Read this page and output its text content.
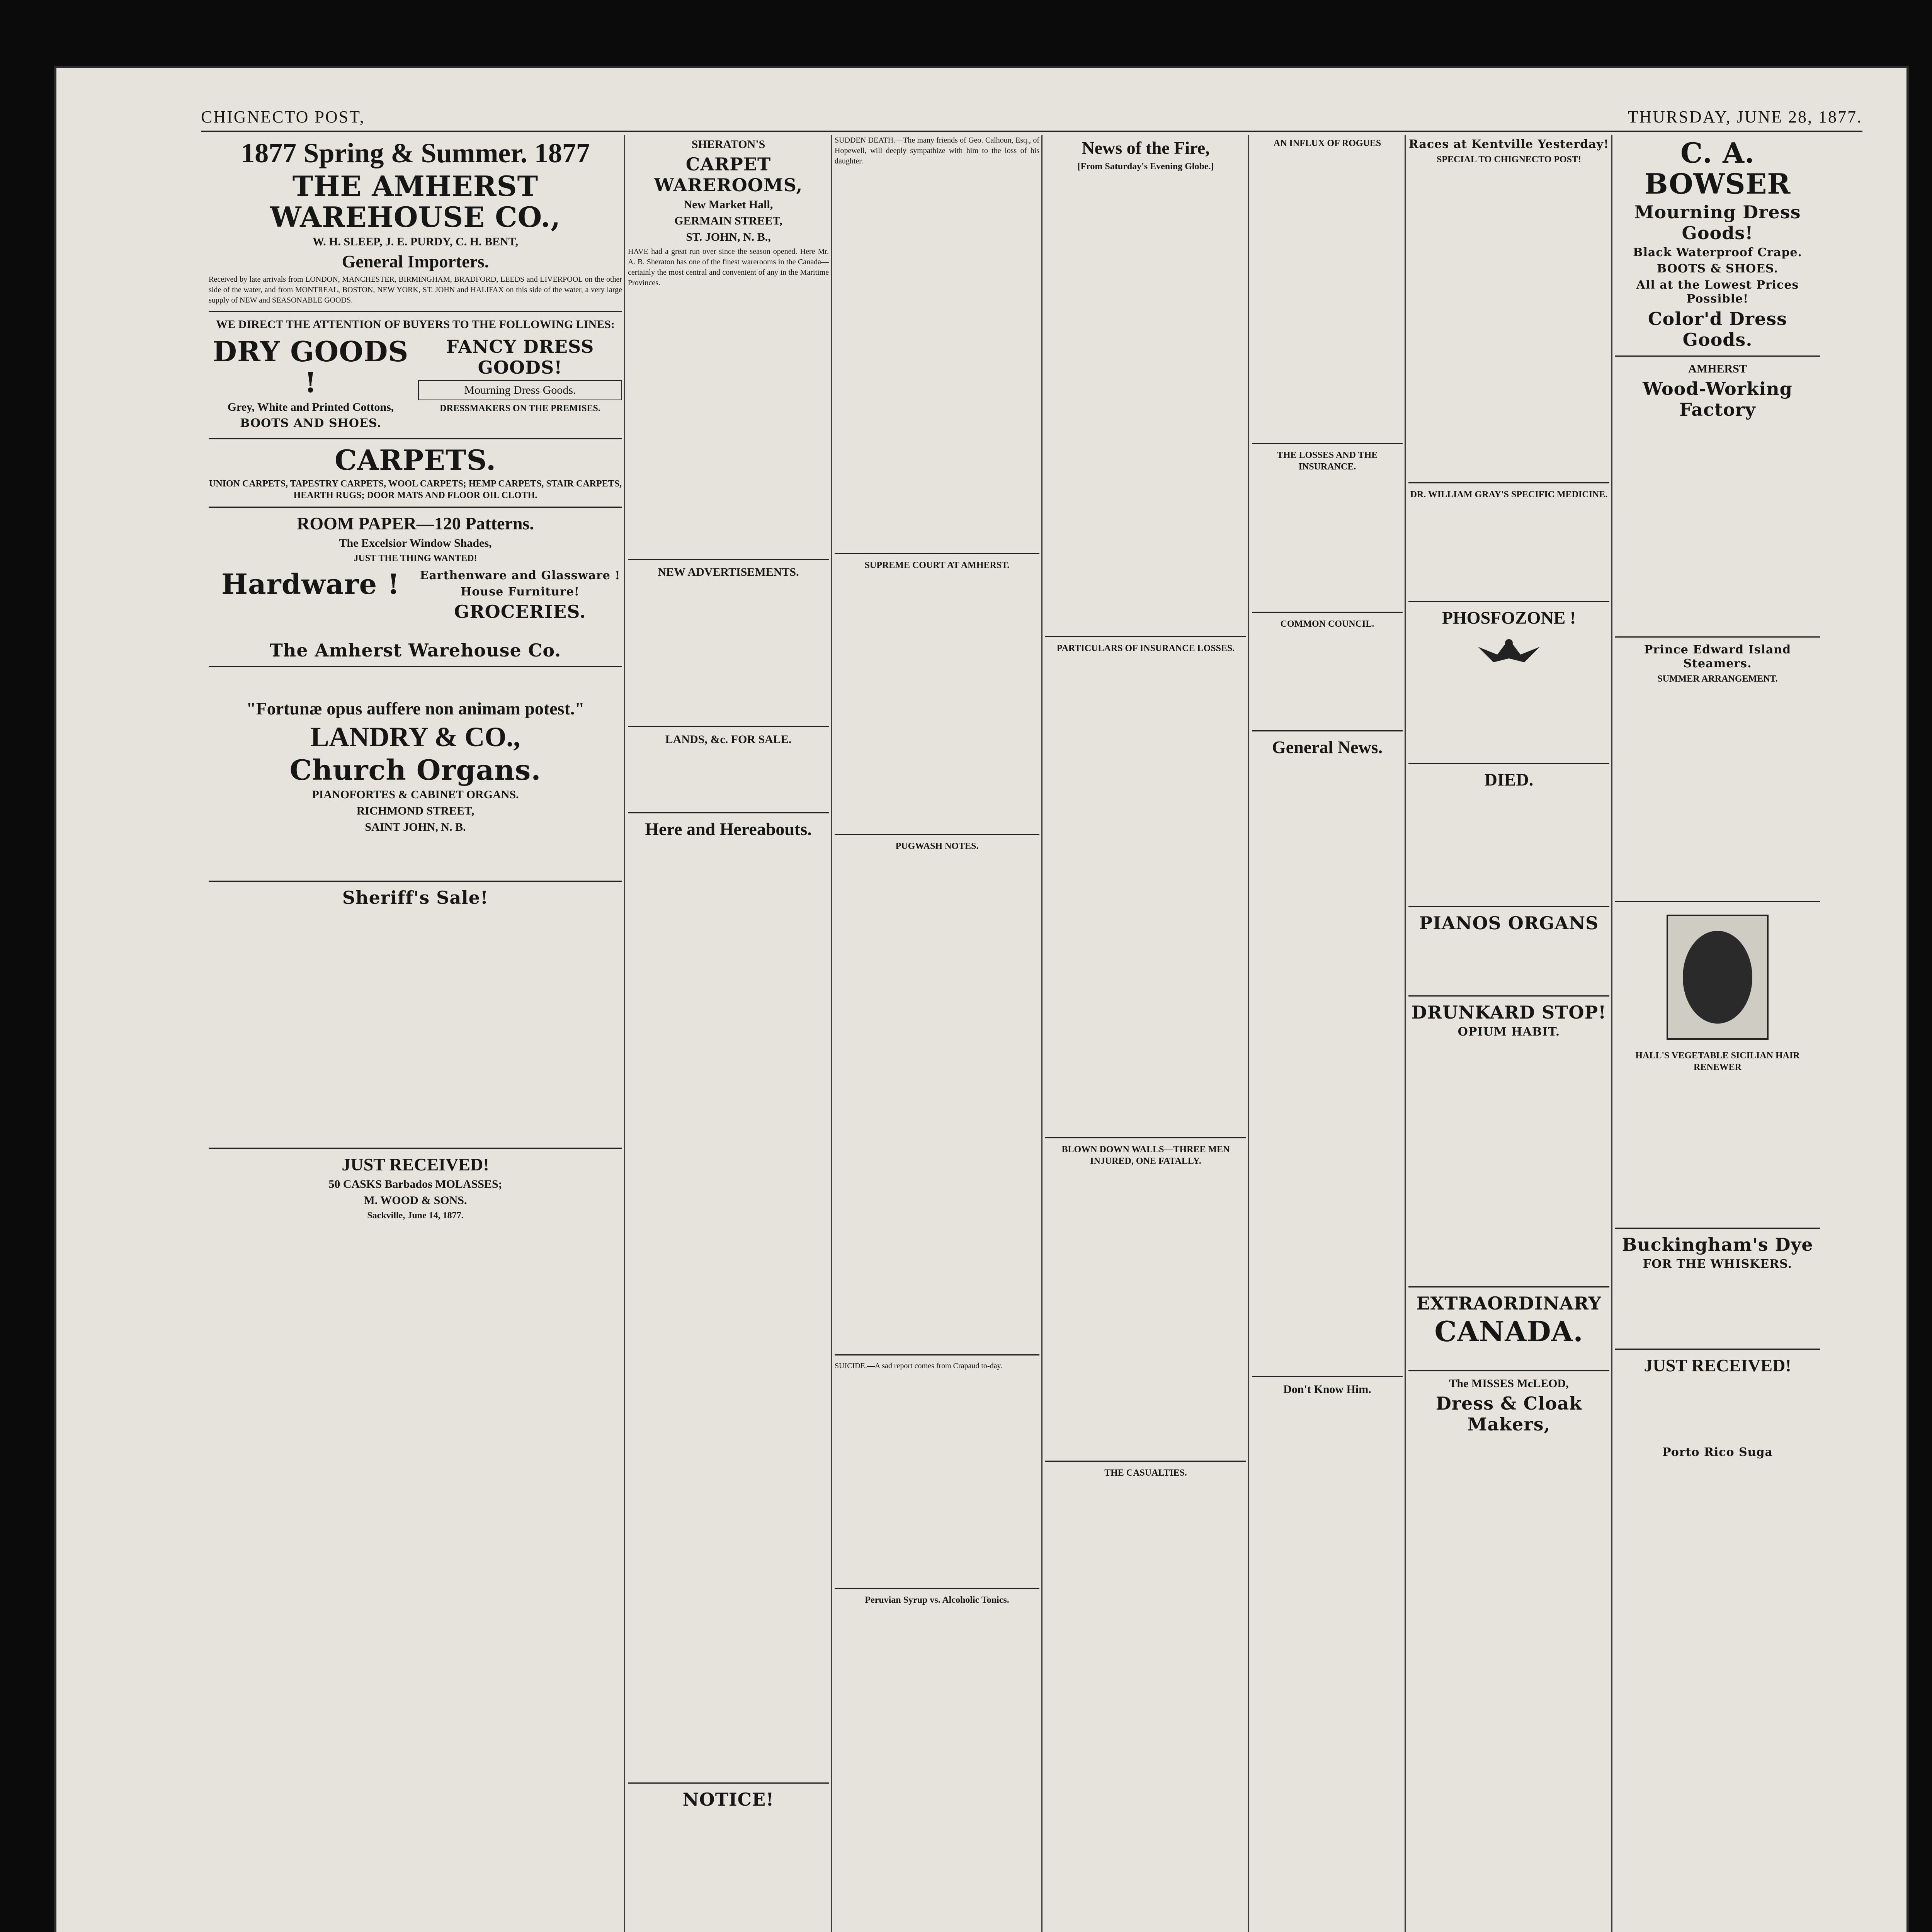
CHIGNECTO POST,	THURSDAY, JUNE 28, 1877.
1877 Spring & Summer. 1877
THE AMHERST WAREHOUSE CO.,
W. H. SLEEP, J. E. PURDY, C. H. BENT,
General Importers.

Received by late arrivals from LONDON, MANCHESTER, BIRMINGHAM, BRADFORD, LEEDS and LIVERPOOL on the other side of the water, and from MONTREAL, BOSTON, NEW YORK, ST. JOHN and HALIFAX on this side of the water, a very large supply of NEW and SEASONABLE GOODS.

WE DIRECT THE ATTENTION OF BUYERS TO THE FOLLOWING LINES:
DRY GOODS !
Grey, White and Printed Cottons,
BOOTS AND SHOES.
FANCY DRESS GOODS!
Mourning Dress Goods.
DRESSMAKERS ON THE PREMISES.
CARPETS.
UNION CARPETS, TAPESTRY CARPETS, WOOL CARPETS; HEMP CARPETS, STAIR CARPETS, HEARTH RUGS; DOOR MATS AND FLOOR OIL CLOTH.
ROOM PAPER—120 Patterns.
The Excelsior Window Shades,
JUST THE THING WANTED!
Hardware !	Earthenware and Glassware !
House Furniture!
GROCERIES.
The Amherst Warehouse Co.
"Fortunæ opus auffere non animam potest."
LANDRY & CO.,
Church Organs.
PIANOFORTES & CABINET ORGANS.
RICHMOND STREET,
SAINT JOHN, N. B.
Sheriff's Sale!
JUST RECEIVED!
50 CASKS Barbados MOLASSES;
M. WOOD & SONS.
Sackville, June 14, 1877.
SHERATON'S
CARPET WAREROOMS,
New Market Hall,
GERMAIN STREET,
ST. JOHN, N. B.,

HAVE had a great run over since the season opened. Here Mr. A. B. Sheraton has one of the finest warerooms in the Canada—certainly the most central and convenient of any in the Maritime Provinces.

NEW ADVERTISEMENTS.
LANDS, &c. FOR SALE.
Here and Hereabouts.
NOTICE!

SUDDEN DEATH.—The many friends of Geo. Calhoun, Esq., of Hopewell, will deeply sympathize with him to the loss of his daughter.

SUPREME COURT AT AMHERST.
PUGWASH NOTES.

SUICIDE.—A sad report comes from Crapaud to-day.

Peruvian Syrup vs. Alcoholic Tonics.
News of the Fire,
[From Saturday's Evening Globe.]
PARTICULARS OF INSURANCE LOSSES.
BLOWN DOWN WALLS—THREE MEN INJURED, ONE FATALLY.
THE CASUALTIES.
AN INFLUX OF ROGUES
THE LOSSES AND THE INSURANCE.
COMMON COUNCIL.
General News.
Don't Know Him.
Races at Kentville Yesterday!
SPECIAL TO CHIGNECTO POST!
DR. WILLIAM GRAY'S SPECIFIC MEDICINE.
PHOSFOZONE !
DIED.
PIANOS ORGANS
DRUNKARD STOP!
OPIUM HABIT.
EXTRAORDINARY
CANADA.
The MISSES McLEOD,
Dress & Cloak Makers,
C. A. BOWSER
Mourning Dress Goods!
Black Waterproof Crape.
BOOTS & SHOES.
All at the Lowest Prices Possible!
Color'd Dress Goods.
AMHERST
Wood-Working Factory
Prince Edward Island Steamers.
SUMMER ARRANGEMENT.
HALL'S VEGETABLE SICILIAN HAIR RENEWER
Buckingham's Dye
FOR THE WHISKERS.
JUST RECEIVED!
Porto Rico Suga
